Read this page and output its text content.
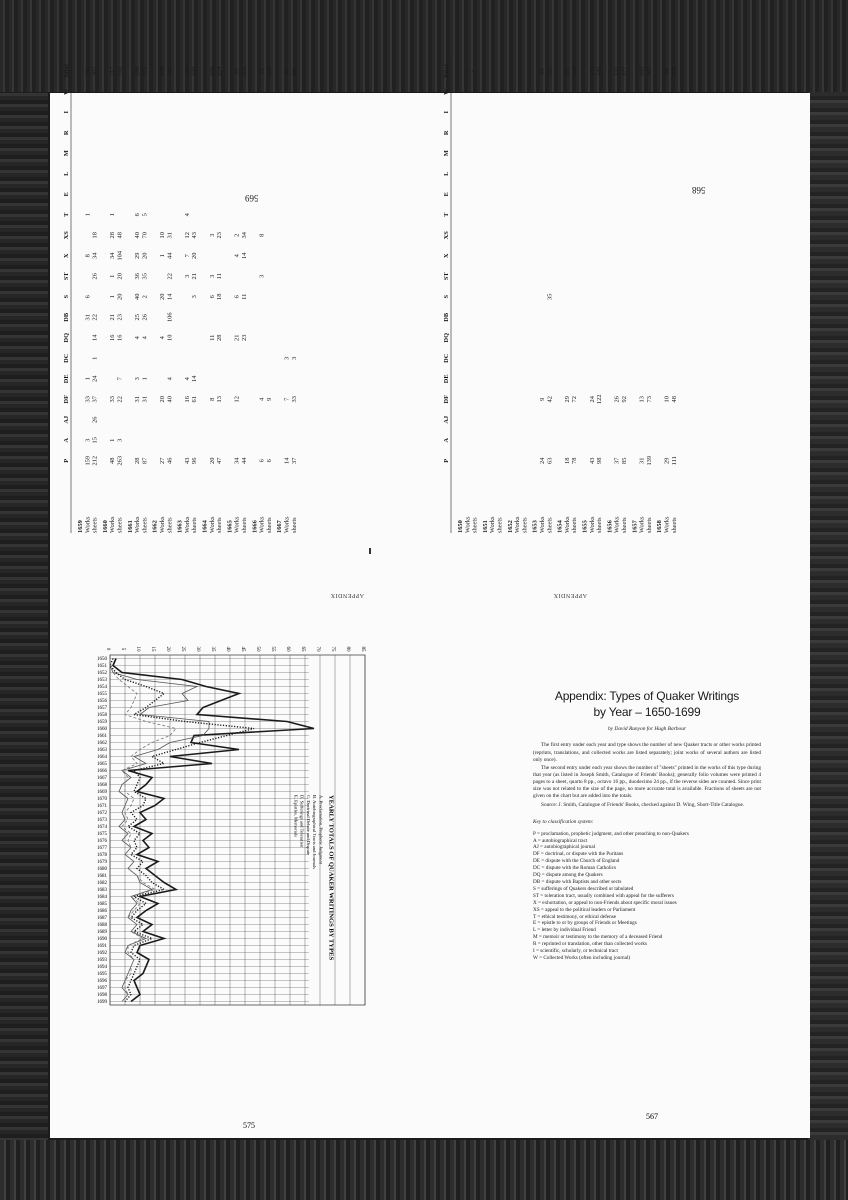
569
APPENDIX
P
A
AJ
DF
DE
DC
DQ
DB
S
ST
X
XS
T
E
L
M
R
I
W
Total
1659 Works
159
3
33
1
31
6
8
1
2
210
sheets
212
15
26
37
24
1
14
22
26
34
18
2
407
1660 Works
48
1
33
16
21
1
1
34
28
1
217
sheets
263
3
22
7
16
23
20
20
104
48
742
1661 Works
28
31
3
4
25
40
36
29
40
6
180
sheets
87
31
1
4
26
2
35
20
70
5
471
1662 Works
27
20
4
20
1
10
168
sheets
46
40
4
10
106
14
22
44
31
411
1663 Works
43
16
4
3
7
12
4
149
sheets
96
61
14
3
21
20
43
429
1664 Works
20
8
11
6
3
3
106
sheets
47
13
28
18
11
23
224
1665 Works
34
12
21
6
4
2
99
sheets
44
23
11
14
34
201
1666 Works
6
4
3
8
51
sheets
6
9
108
1667 Works
14
7
3
45
sheets
37
33
3
181
568
APPENDIX
P
A
AJ
DF
DE
DC
DQ
DB
S
ST
X
XS
T
E
L
M
R
I
W
Total
1650 Works
7
sheets
7
1651 Works sheets 1652 Works sheets 1653 Works
24
9
33
sheets
63
42
35
161
1654 Works
18
29
83
sheets
78
72
224
1655 Works
43
24
135
sheets
98
122
345
1656 Works
37
26
132
sheets
85
92
377
1657 Works
31
13
102
sheets
139
73
397
1658 Works
29
10
98
sheets
111
48
258
0 5 10 15 20 25 30 35 40 45 50 55 60 65 70 75 80 85
1650
1651
1652
1653
1654
1655
1656
1657
1658
1659
1660
1661
1662
1663
1664
1665
1666
1667
1668
1669
1670
1671
1672
1673
1674
1675
1676
1677
1678
1679
1680
1681
1682
1683
1684
1685
1686
1687
1688
1689
1690
1691
1692
1693
1694
1695
1696
1697
1698
1699
YEARLY TOTALS OF QUAKER WRITINGS BY TYPES
A. Proclamation, Prophetic Judgment
B. Autobiographical Tracts and Journals
C. Doctrinal Debate and Dispute
D. Sufferings and Toleration
E. Epistles, Memorials
575
Appendix: Types of Quaker Writings
by Year – 1650-1699

by David Runyon for Hugh Barbour

The first entry under each year and type shows the number of new Quaker tracts or other works printed (reprints, translations, and collected works are listed separately; joint works of several authors are listed only once).

The second entry under each year shows the number of "sheets" printed in the works of this type during that year (as listed in Joseph Smith, Catalogue of Friends' Books); generally folio volumes were printed 4 pages to a sheet, quarto 8 pp., octavo 16 pp., duodecimo 24 pp., if the reverse sides are counted. Since print size was not related to the size of the page, no more accurate total is available. Fractions of sheets are not given on the chart but are added into the totals.

Source: J. Smith, Catalogue of Friends' Books, checked against D. Wing, Short-Title Catalogue.

Key to classification system:

P = proclamation, prophetic judgment, and other preaching to non-Quakers
A = autobiographical tract
AJ = autobiographical journal
DF = doctrinal, or dispute with the Puritans
DE = dispute with the Church of England
DC = dispute with the Roman Catholics
DQ = dispute among the Quakers
DB = dispute with Baptists and other sects
S = sufferings of Quakers described or tabulated
ST = toleration tract, usually combined with appeal for the sufferers
X = exhortation, or appeal to non-Friends about specific moral issues
XS = appeal to the political leaders or Parliament
T = ethical testimony, or ethical defense
E = epistle to or by groups of Friends or Meetings
L = letter by individual Friend
M = memoir or testimony to the memory of a deceased Friend
R = reprinted or translation, other than collected works
I = scientific, scholarly, or technical tract
W = Collected Works (often including journal)
567
